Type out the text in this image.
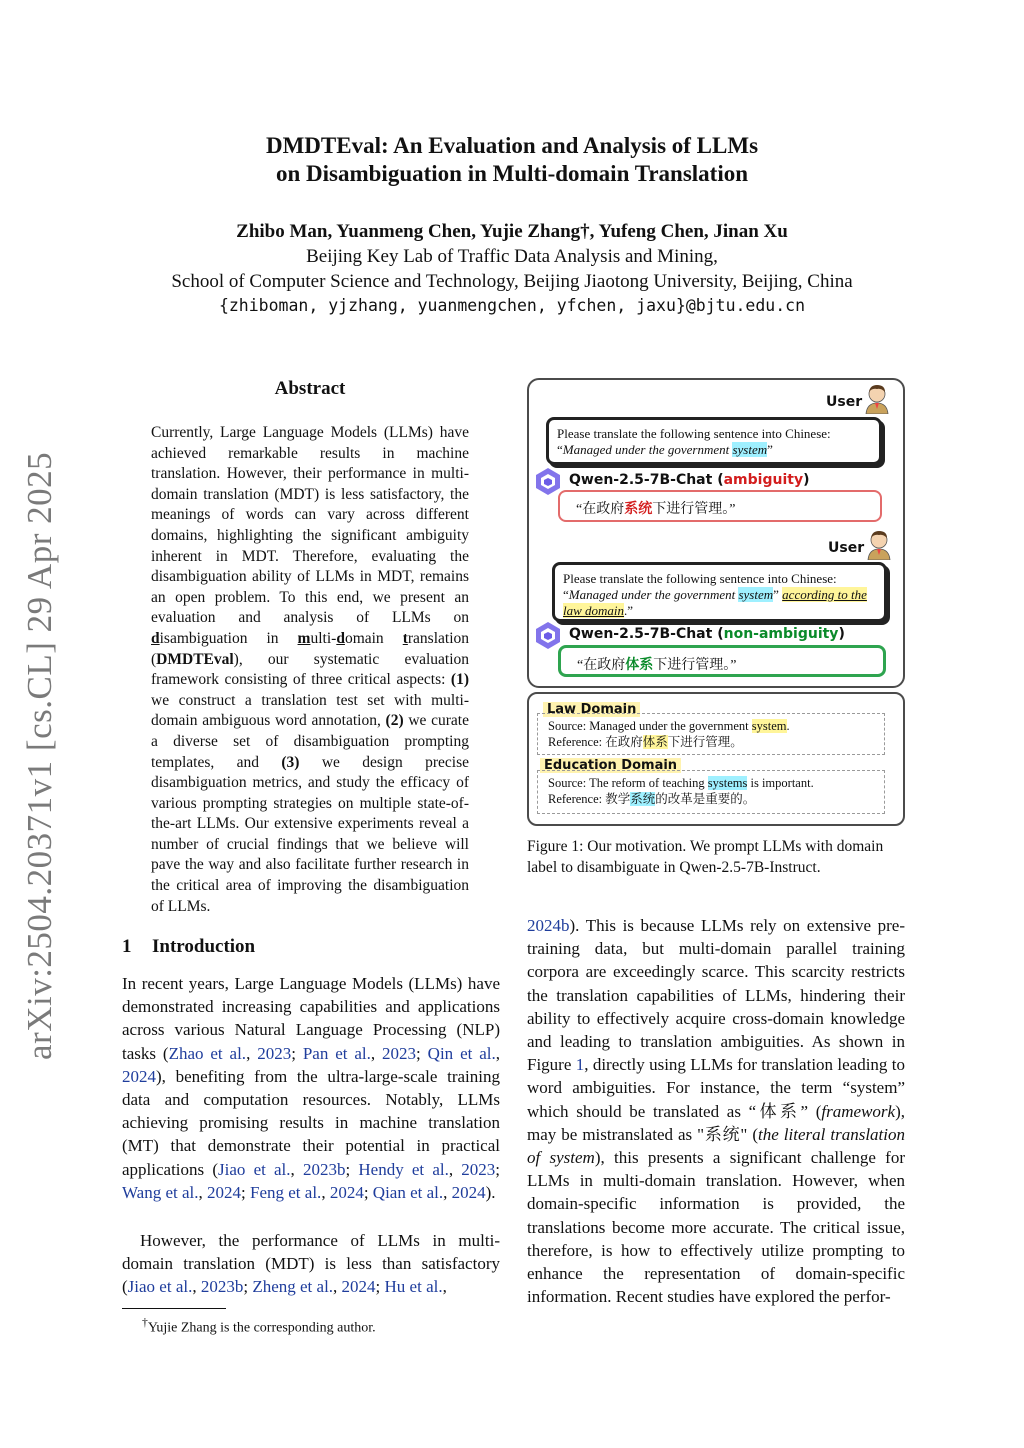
DMDTEval: An Evaluation and Analysis of LLMs
on Disambiguation in Multi-domain Translation
Zhibo Man, Yuanmeng Chen, Yujie Zhang†, Yufeng Chen, Jinan Xu
Beijing Key Lab of Traffic Data Analysis and Mining,
School of Computer Science and Technology, Beijing Jiaotong University, Beijing, China
{zhiboman, yjzhang, yuanmengchen, yfchen, jaxu}@bjtu.edu.cn
arXiv:2504.20371v1 [cs.CL] 29 Apr 2025
Abstract
Currently, Large Language Models (LLMs) have achieved remarkable results in machine translation. However, their performance in multi-domain translation (MDT) is less satisfactory, the meanings of words can vary across different domains, highlighting the significant ambiguity inherent in MDT. Therefore, evaluating the disambiguation ability of LLMs in MDT, remains an open problem. To this end, we present an evaluation and analysis of LLMs on disambiguation in multi-domain translation (DMDTEval), our systematic evaluation framework consisting of three critical aspects: (1) we construct a translation test set with multi-domain ambiguous word annotation, (2) we curate a diverse set of disambiguation prompting templates, and (3) we design precise disambiguation metrics, and study the efficacy of various prompting strategies on multiple state-of-the-art LLMs. Our extensive experiments reveal a number of crucial findings that we believe will pave the way and also facilitate further research in the critical area of improving the disambiguation of LLMs.
1 Introduction
In recent years, Large Language Models (LLMs) have demonstrated increasing capabilities and applications across various Natural Language Processing (NLP) tasks (Zhao et al., 2023; Pan et al., 2023; Qin et al., 2024), benefiting from the ultra-large-scale training data and computation resources. Notably, LLMs achieving promising results in machine translation (MT) that demonstrate their potential in practical applications (Jiao et al., 2023b; Hendy et al., 2023; Wang et al., 2024; Feng et al., 2024; Qian et al., 2024).
However, the performance of LLMs in multi-domain translation (MDT) is less than satisfactory (Jiao et al., 2023b; Zheng et al., 2024; Hu et al.,
†Yujie Zhang is the corresponding author.
2024b). This is because LLMs rely on extensive pre-training data, but multi-domain parallel training corpora are exceedingly scarce. This scarcity restricts the translation capabilities of LLMs, hindering their ability to effectively acquire cross-domain knowledge and leading to translation ambiguities. As shown in Figure 1, directly using LLMs for translation leading to word ambiguities. For instance, the term “system” which should be translated as “体系” (framework), may be mistranslated as "系统" (the literal translation of system), this presents a significant challenge for LLMs in multi-domain translation. However, when domain-specific information is provided, the translations become more accurate. The critical issue, therefore, is how to effectively utilize prompting to enhance the representation of domain-specific information. Recent studies have explored the perfor-
User
Please translate the following sentence into Chinese:
“Managed under the government system”
Qwen-2.5-7B-Chat (ambiguity)
“在政府系统下进行管理。”
User
Please translate the following sentence into Chinese:
“Managed under the government system” according to the law domain.”
Qwen-2.5-7B-Chat (non-ambiguity)
“在政府体系下进行管理。”
Law Domain
Source: Managed under the government system.
Reference: 在政府体系下进行管理。
Education Domain
Source: The reform of teaching systems is important.
Reference: 教学系统的改革是重要的。
Figure 1: Our motivation. We prompt LLMs with domain label to disambiguate in Qwen-2.5-7B-Instruct.
